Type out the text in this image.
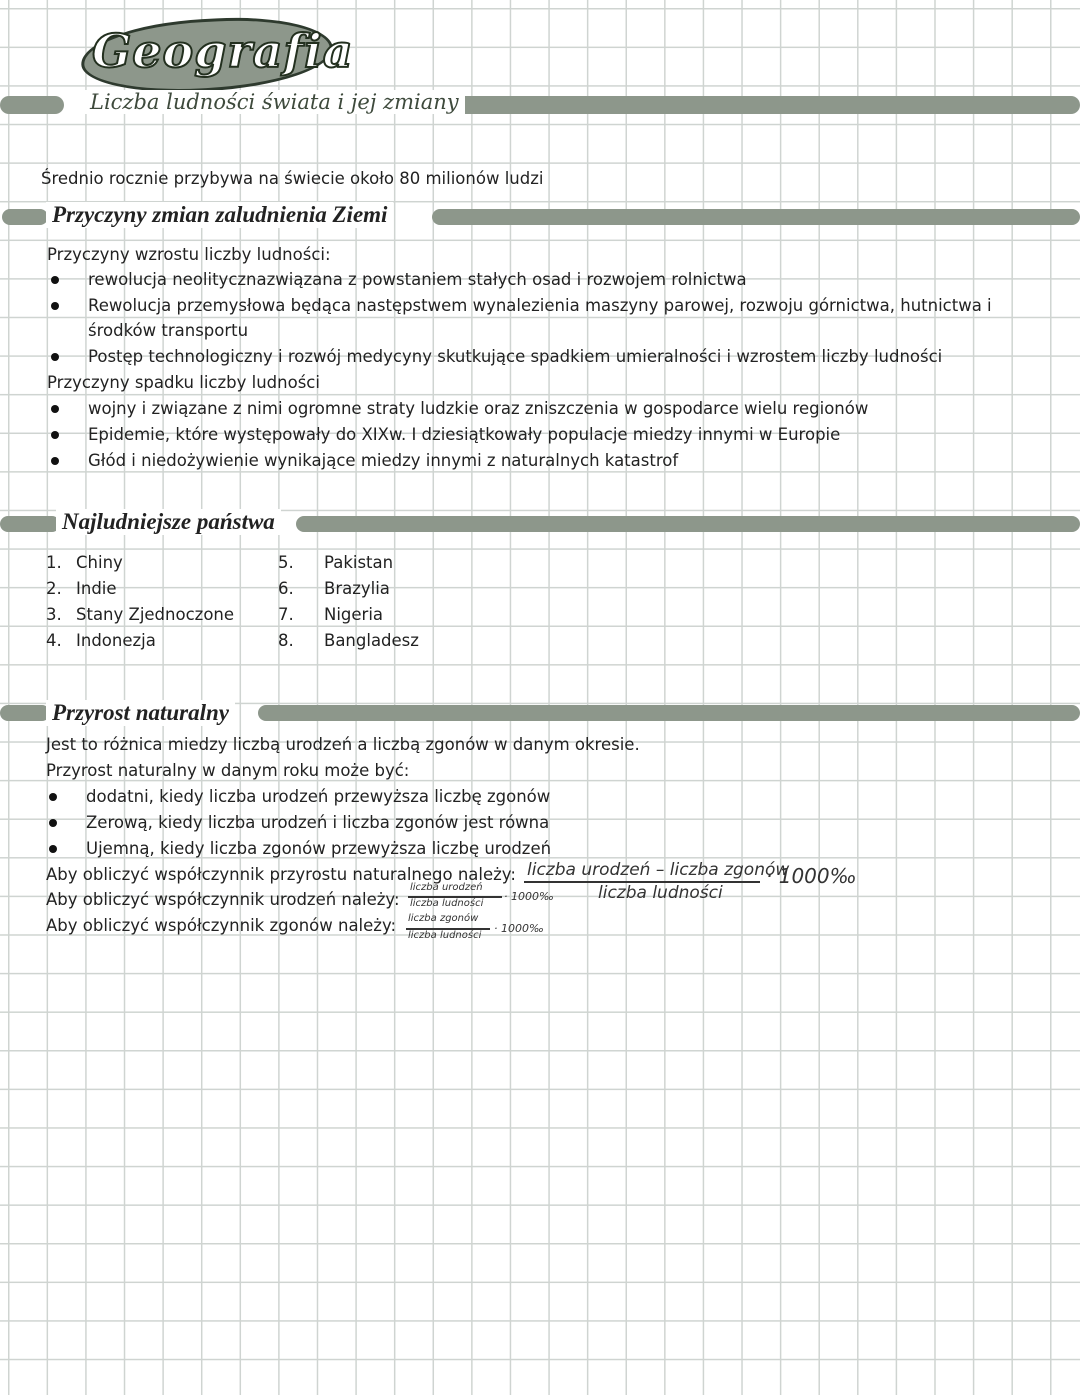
Geografia
Liczba ludności świata i jej zmiany
Średnio rocznie przybywa na świecie około 80 milionów ludzi
Przyczyny zmian zaludnienia Ziemi
Przyczyny wzrostu liczby ludności:
rewolucja neolitycznazwiązana z powstaniem stałych osad i rozwojem rolnictwa
Rewolucja przemysłowa będąca następstwem wynalezienia maszyny parowej, rozwoju górnictwa, hutnictwa i
środków transportu
Postęp technologiczny i rozwój medycyny skutkujące spadkiem umieralności i wzrostem liczby ludności
Przyczyny spadku liczby ludności
wojny i związane z nimi ogromne straty ludzkie oraz zniszczenia w gospodarce wielu regionów
Epidemie, które występowały do XIXw. I dziesiątkowały populacje miedzy innymi w Europie
Głód i niedożywienie wynikające miedzy innymi z naturalnych katastrof
Najludniejsze państwa
1. Chiny
2. Indie
3. Stany Zjednoczone
4. Indonezja
5. Pakistan
6. Brazylia
7. Nigeria
8. Bangladesz
Przyrost naturalny
Jest to różnica miedzy liczbą urodzeń a liczbą zgonów w danym okresie.
Przyrost naturalny w danym roku może być:
dodatni, kiedy liczba urodzeń przewyższa liczbę zgonów
Zerową, kiedy liczba urodzeń i liczba zgonów jest równa
Ujemną, kiedy liczba zgonów przewyższa liczbę urodzeń
Aby obliczyć współczynnik przyrostu naturalnego należy: liczba urodzeń – liczba zgonów
liczba ludności
· 1000‰
Aby obliczyć współczynnik urodzeń należy:
liczba urodzeń
liczba ludności
· 1000‰
Aby obliczyć współczynnik zgonów należy: liczba zgonów
liczba ludności
· 1000‰
